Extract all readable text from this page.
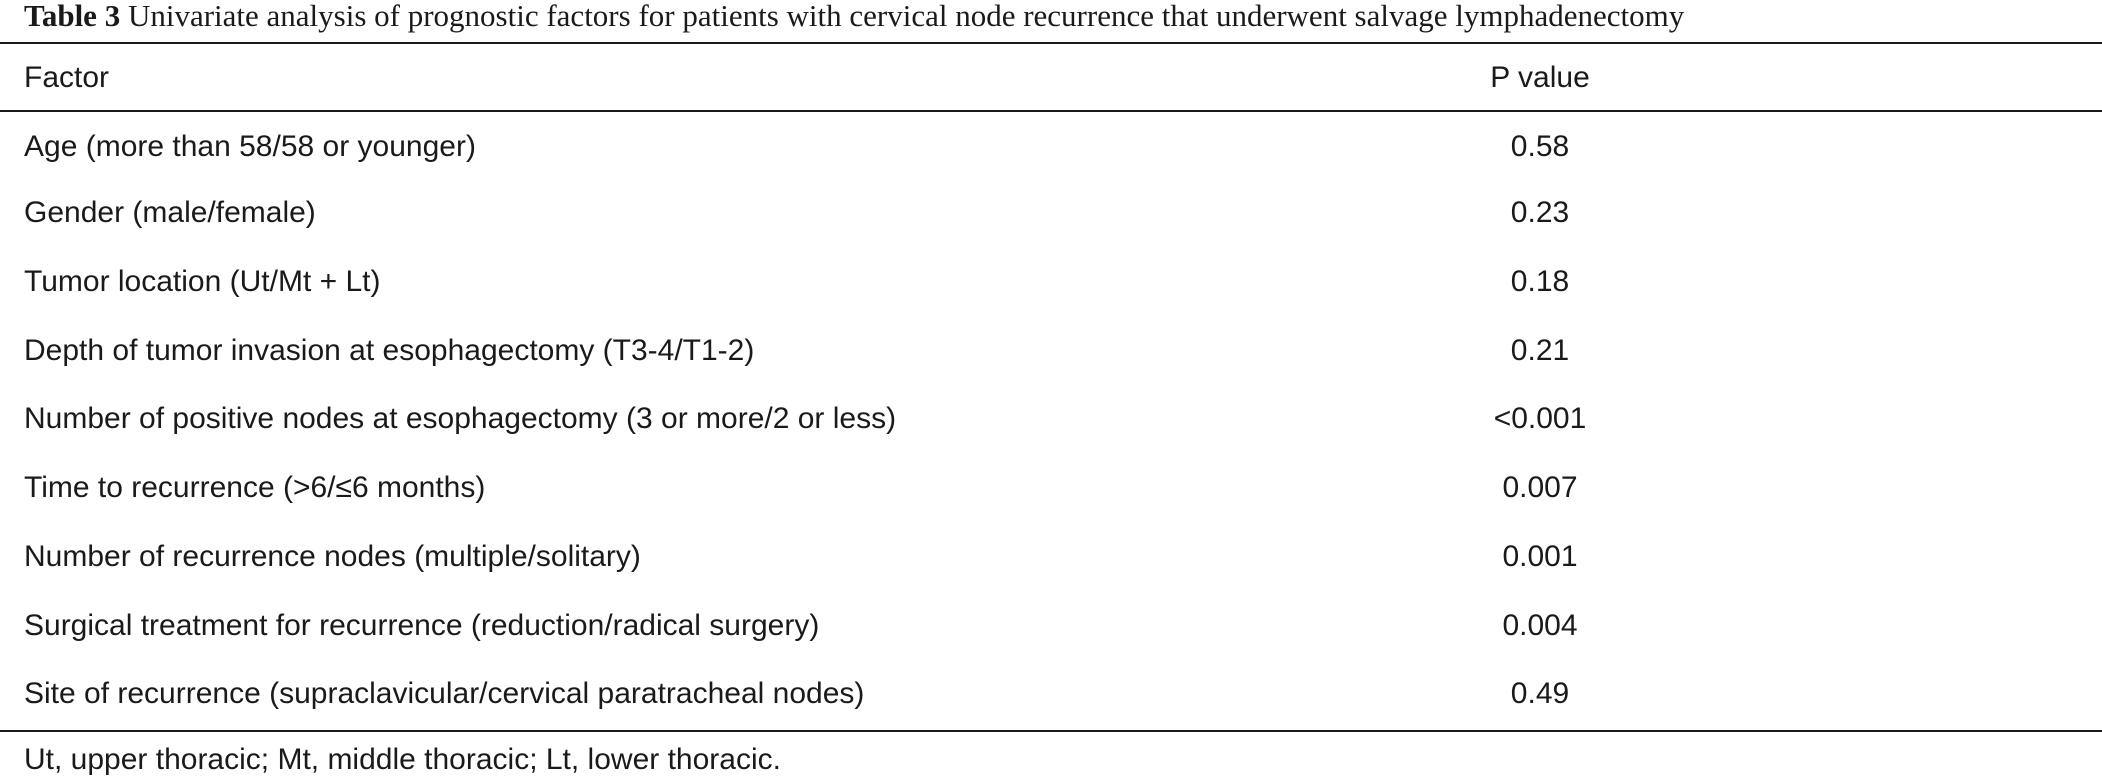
Table 3 Univariate analysis of prognostic factors for patients with cervical node recurrence that underwent salvage lymphadenectomy
Factor	P value
Age (more than 58/58 or younger)	0.58
Gender (male/female)	0.23
Tumor location (Ut/Mt + Lt)	0.18
Depth of tumor invasion at esophagectomy (T3-4/T1-2)	0.21
Number of positive nodes at esophagectomy (3 or more/2 or less)	<0.001
Time to recurrence (>6/≤6 months)	0.007
Number of recurrence nodes (multiple/solitary)	0.001
Surgical treatment for recurrence (reduction/radical surgery)	0.004
Site of recurrence (supraclavicular/cervical paratracheal nodes)	0.49
Ut, upper thoracic; Mt, middle thoracic; Lt, lower thoracic.
